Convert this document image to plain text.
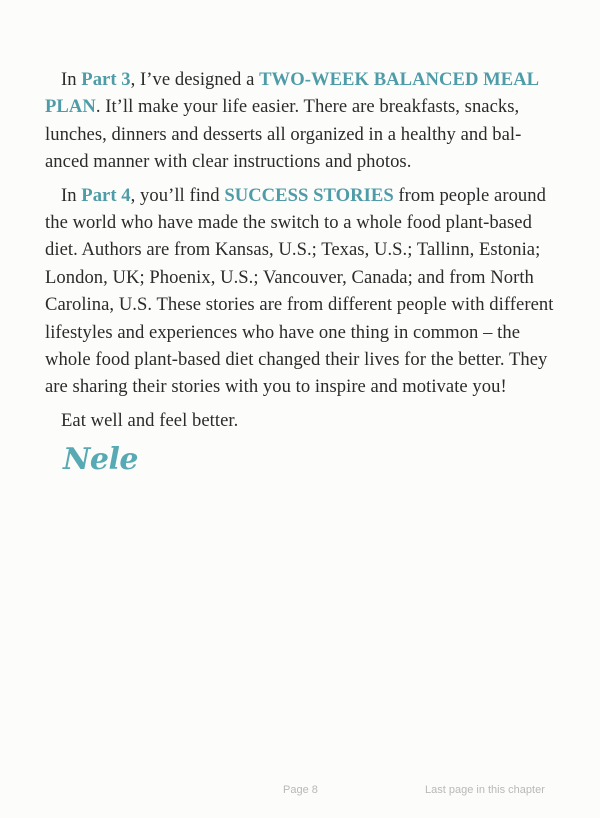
In Part 3, I’ve designed a TWO-WEEK BALANCED MEAL PLAN. It’ll make your life easier. There are breakfasts, snacks, lunches, dinners and desserts all organized in a healthy and balanced manner with clear instructions and photos.

In Part 4, you’ll find SUCCESS STORIES from people around the world who have made the switch to a whole food plant-based diet. Authors are from Kansas, U.S.; Texas, U.S.; Tallinn, Estonia; London, UK; Phoenix, U.S.; Vancouver, Canada; and from North Carolina, U.S. These stories are from different people with different lifestyles and experiences who have one thing in common – the whole food plant-based diet changed their lives for the better. They are sharing their stories with you to inspire and motivate you!

Eat well and feel better.

Nele
Page 8	Last page in this chapter
